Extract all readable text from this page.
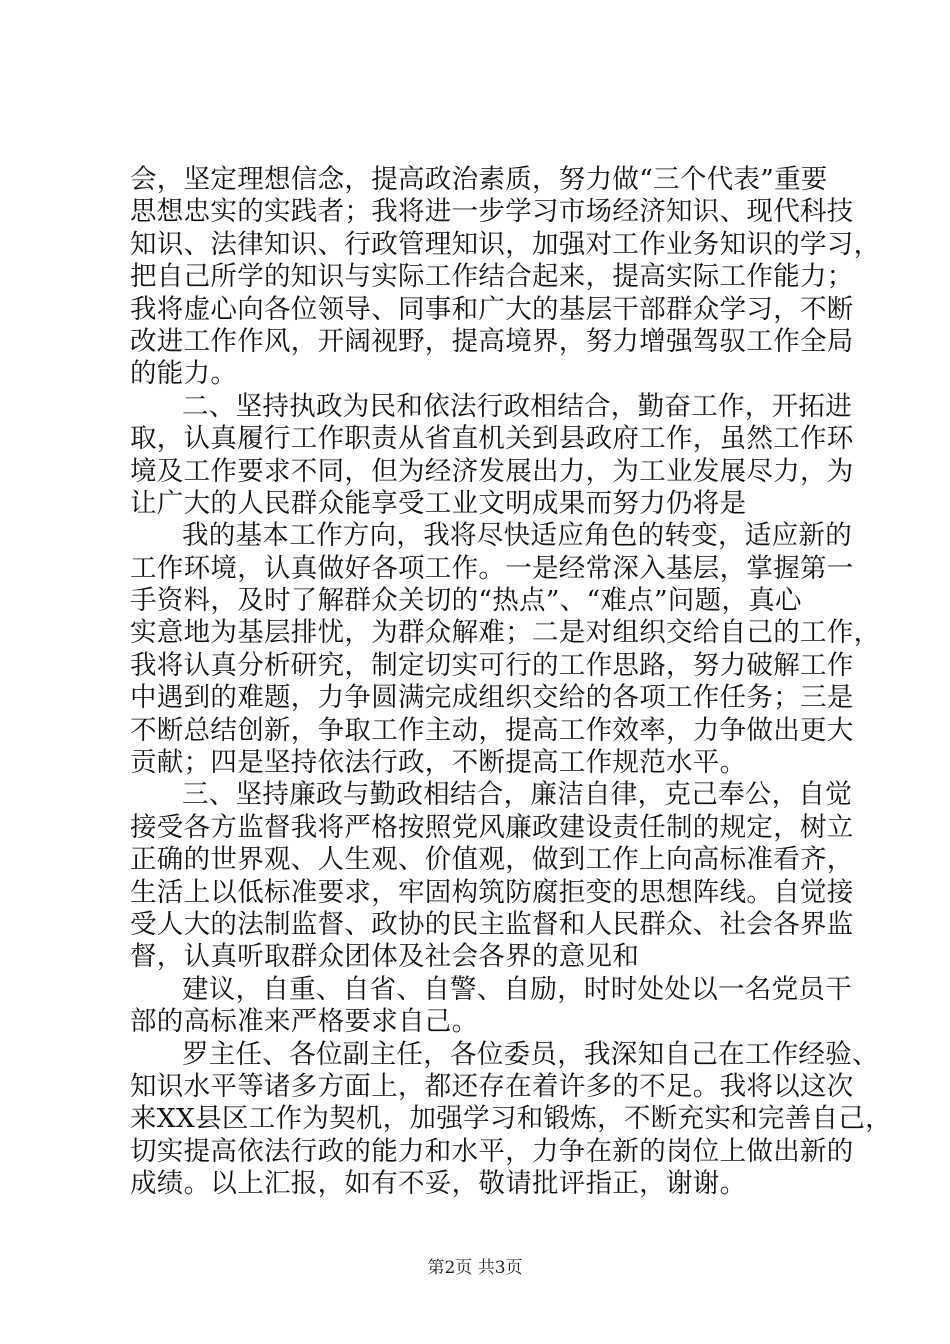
会，坚定理想信念，提高政治素质，努力做“三个代表”重要
思想忠实的实践者；我将进一步学习市场经济知识、现代科技
知识、法律知识、行政管理知识，加强对工作业务知识的学习，
把自己所学的知识与实际工作结合起来，提高实际工作能力；
我将虚心向各位领导、同事和广大的基层干部群众学习，不断
改进工作作风，开阔视野，提高境界，努力增强驾驭工作全局
的能力。
二、坚持执政为民和依法行政相结合，勤奋工作，开拓进
取，认真履行工作职责从省直机关到县政府工作，虽然工作环
境及工作要求不同，但为经济发展出力，为工业发展尽力，为
让广大的人民群众能享受工业文明成果而努力仍将是
我的基本工作方向，我将尽快适应角色的转变，适应新的
工作环境，认真做好各项工作。一是经常深入基层，掌握第一
手资料，及时了解群众关切的“热点”、“难点”问题，真心
实意地为基层排忧，为群众解难；二是对组织交给自己的工作，
我将认真分析研究，制定切实可行的工作思路，努力破解工作
中遇到的难题，力争圆满完成组织交给的各项工作任务；三是
不断总结创新，争取工作主动，提高工作效率，力争做出更大
贡献；四是坚持依法行政，不断提高工作规范水平。
三、坚持廉政与勤政相结合，廉洁自律，克己奉公，自觉
接受各方监督我将严格按照党风廉政建设责任制的规定，树立
正确的世界观、人生观、价值观，做到工作上向高标准看齐，
生活上以低标准要求，牢固构筑防腐拒变的思想阵线。自觉接
受人大的法制监督、政协的民主监督和人民群众、社会各界监
督，认真听取群众团体及社会各界的意见和
建议，自重、自省、自警、自励，时时处处以一名党员干
部的高标准来严格要求自己。
罗主任、各位副主任，各位委员，我深知自己在工作经验、
知识水平等诸多方面上，都还存在着许多的不足。我将以这次
来XX县区工作为契机，加强学习和锻炼，不断充实和完善自己，
切实提高依法行政的能力和水平，力争在新的岗位上做出新的
成绩。以上汇报，如有不妥，敬请批评指正，谢谢。
第2页 共3页
